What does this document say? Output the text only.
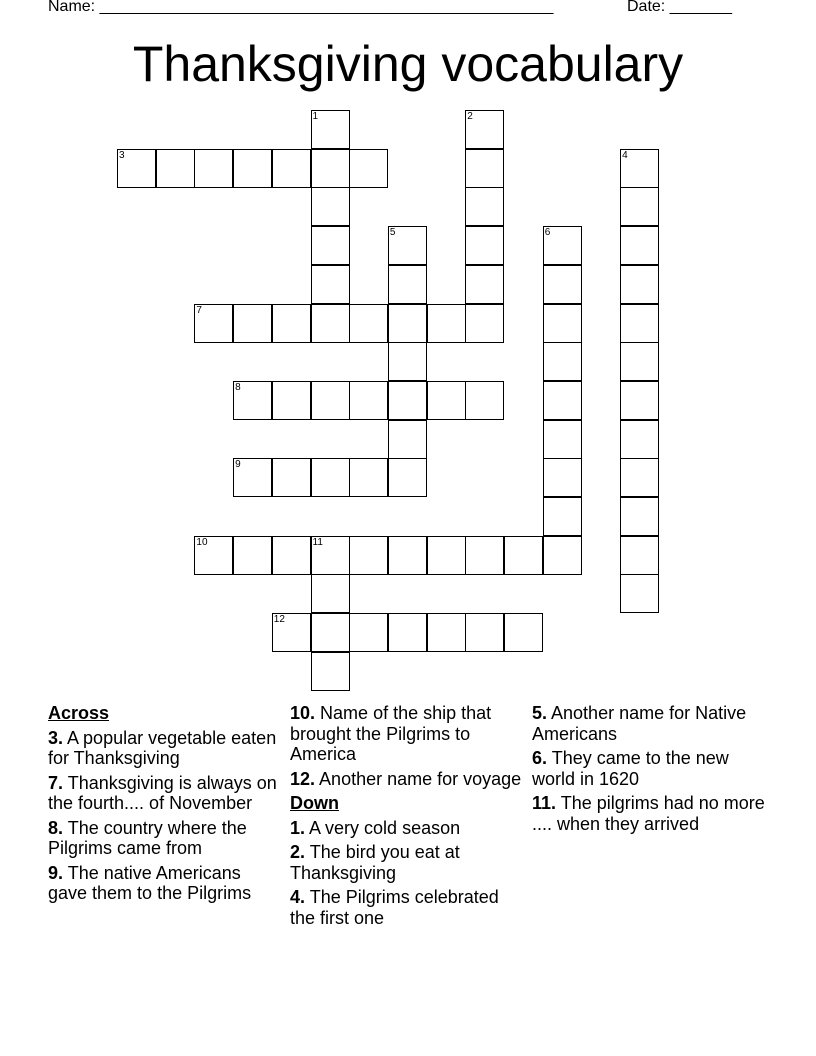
Name: ___________________________________________________	Date: _______
Thanksgiving vocabulary
1	2
3	4
5	6
7
8
9
10	11
12
Across
3. A popular vegetable eaten for Thanksgiving
7. Thanksgiving is always on the fourth.... of November
8. The country where the Pilgrims came from
9. The native Americans gave them to the Pilgrims
10. Name of the ship that brought the Pilgrims to America
12. Another name for voyage
Down
1. A very cold season
2. The bird you eat at Thanksgiving
4. The Pilgrims celebrated the first one
5. Another name for Native Americans
6. They came to the new world in 1620
11. The pilgrims had no more .... when they arrived
